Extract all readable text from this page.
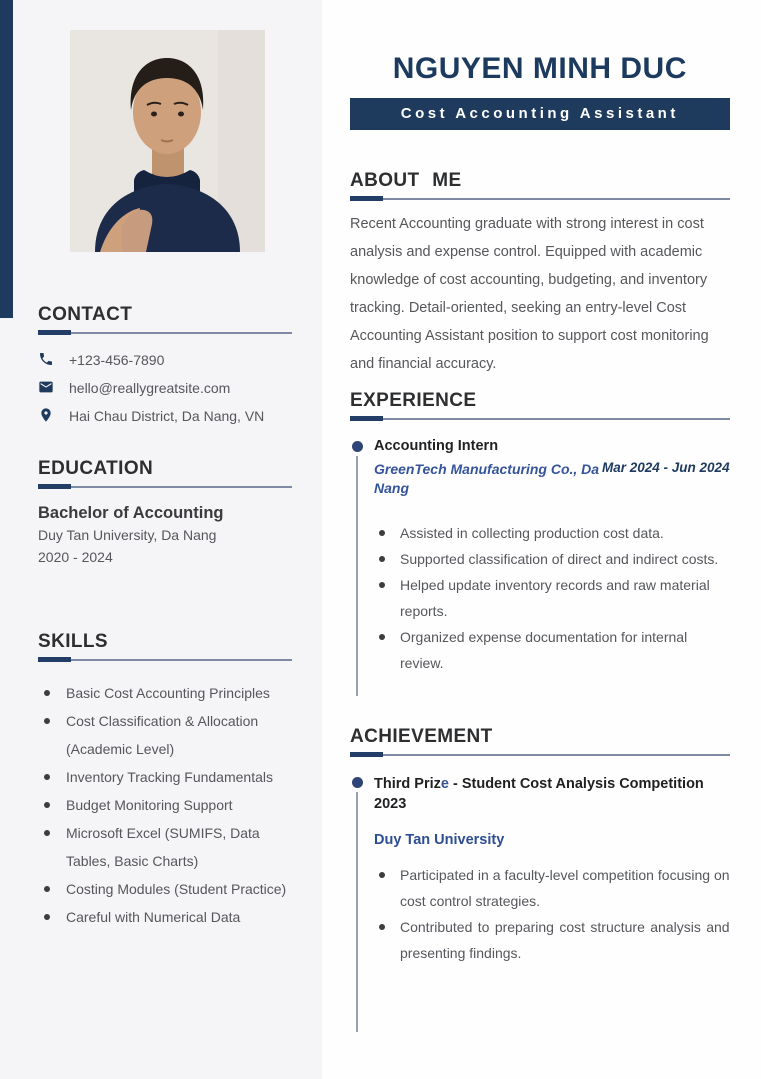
CONTACT
+123-456-7890
hello@reallygreatsite.com
Hai Chau District, Da Nang, VN
EDUCATION
Bachelor of Accounting
Duy Tan University, Da Nang
2020 - 2024
SKILLS
Basic Cost Accounting Principles
Cost Classification & Allocation (Academic Level)
Inventory Tracking Fundamentals
Budget Monitoring Support
Microsoft Excel (SUMIFS, Data Tables, Basic Charts)
Costing Modules (Student Practice)
Careful with Numerical Data
NGUYEN MINH DUC
Cost Accounting Assistant
ABOUT ME

Recent Accounting graduate with strong interest in cost analysis and expense control. Equipped with academic knowledge of cost accounting, budgeting, and inventory tracking. Detail-oriented, seeking an entry-level Cost Accounting Assistant position to support cost monitoring and financial accuracy.

EXPERIENCE
Accounting Intern
GreenTech Manufacturing Co., Da Nang
Mar 2024 - Jun 2024
Assisted in collecting production cost data.
Supported classification of direct and indirect costs.
Helped update inventory records and raw material reports.
Organized expense documentation for internal review.
ACHIEVEMENT
Third Prize - Student Cost Analysis Competition 2023
Duy Tan University
Participated in a faculty-level competition focusing on cost control strategies.
Contributed to preparing cost structure analysis and presenting findings.
